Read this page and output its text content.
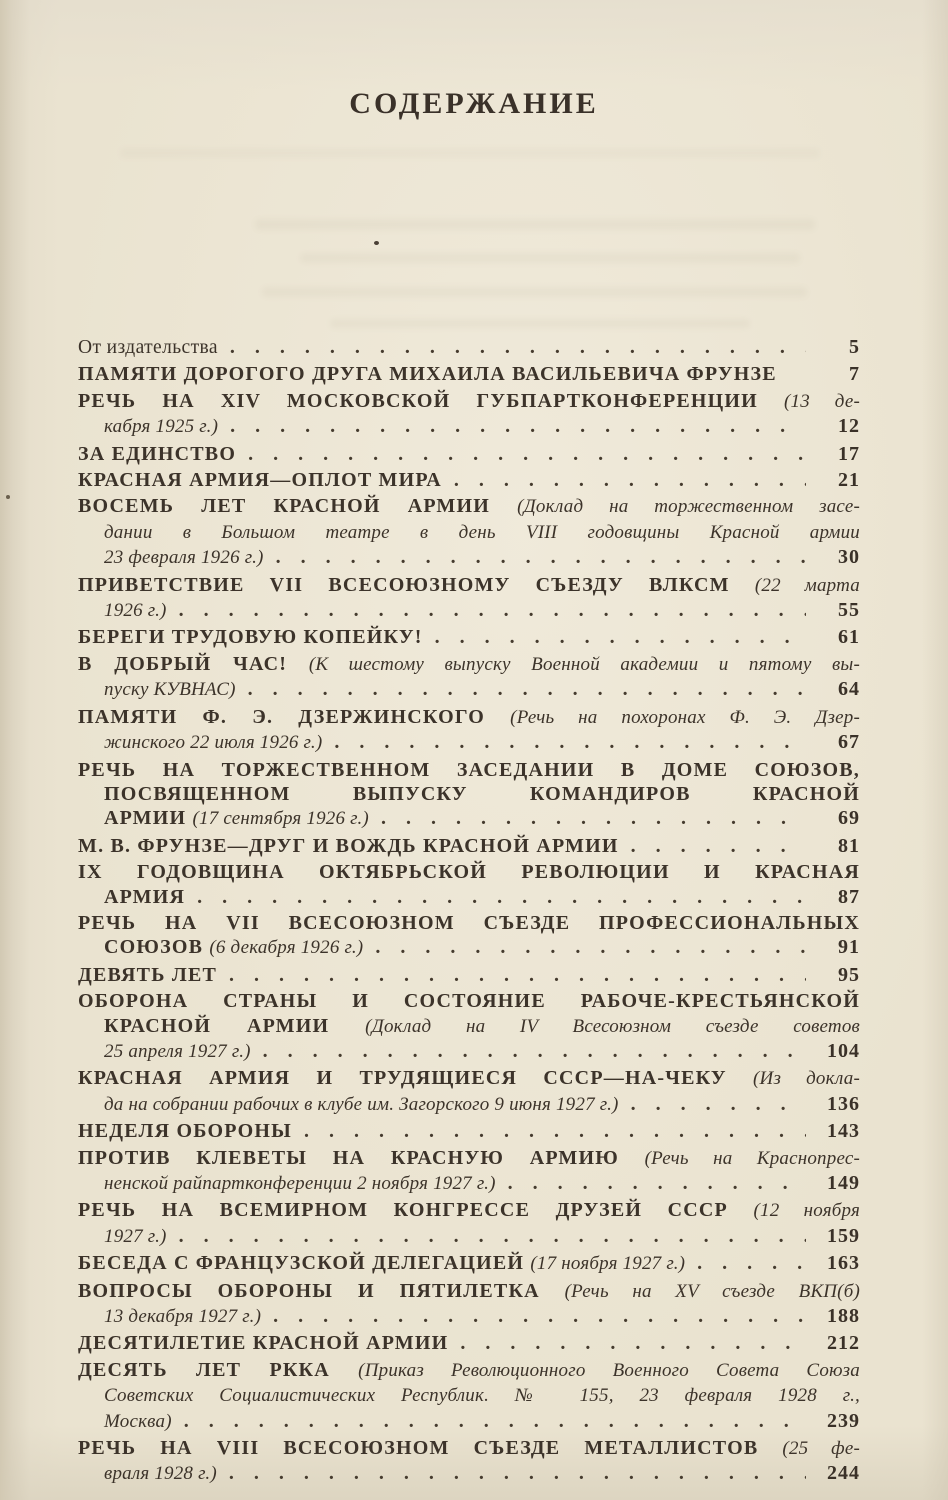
СОДЕРЖАНИЕ
От издательства . . .	5
ПАМЯТИ ДОРОГОГО ДРУГА МИХАИЛА ВАСИЛЬЕВИЧА ФРУНЗЕ	7
РЕЧЬ НА XIV МОСКОВСКОЙ ГУБПАРТКОНФЕРЕНЦИИ (13 де-
кабря 1925 г.) . . .	12
ЗА ЕДИНСТВО . . .	17
КРАСНАЯ АРМИЯ—ОПЛОТ МИРА . . .	21
ВОСЕМЬ ЛЕТ КРАСНОЙ АРМИИ (Доклад на торжественном засе-
дании в Большом театре в день VIII годовщины Красной армии
23 февраля 1926 г.) . . .	30
ПРИВЕТСТВИЕ VII ВСЕСОЮЗНОМУ СЪЕЗДУ ВЛКСМ (22 марта
1926 г.) . . .	55
БЕРЕГИ ТРУДОВУЮ КОПЕЙКУ! . . .	61
В ДОБРЫЙ ЧАС! (К шестому выпуску Военной академии и пятому вы-
пуску КУВНАС) . . .	64
ПАМЯТИ Ф. Э. ДЗЕРЖИНСКОГО (Речь на похоронах Ф. Э. Дзер-
жинского 22 июля 1926 г.) . . .	67
РЕЧЬ НА ТОРЖЕСТВЕННОМ ЗАСЕДАНИИ В ДОМЕ СОЮЗОВ,
ПОСВЯЩЕННОМ ВЫПУСКУ КОМАНДИРОВ КРАСНОЙ
АРМИИ (17 сентября 1926 г.) . . .	69
М. В. ФРУНЗЕ—ДРУГ И ВОЖДЬ КРАСНОЙ АРМИИ . . .	81
IX ГОДОВЩИНА ОКТЯБРЬСКОЙ РЕВОЛЮЦИИ И КРАСНАЯ
АРМИЯ . . .	87
РЕЧЬ НА VII ВСЕСОЮЗНОМ СЪЕЗДЕ ПРОФЕССИОНАЛЬНЫХ
СОЮЗОВ (6 декабря 1926 г.) . . .	91
ДЕВЯТЬ ЛЕТ . . .	95
ОБОРОНА СТРАНЫ И СОСТОЯНИЕ РАБОЧЕ-КРЕСТЬЯНСКОЙ
КРАСНОЙ АРМИИ (Доклад на IV Всесоюзном съезде советов
25 апреля 1927 г.) . . .	104
КРАСНАЯ АРМИЯ И ТРУДЯЩИЕСЯ СССР—НА-ЧЕКУ (Из докла-
да на собрании рабочих в клубе им. Загорского 9 июня 1927 г.) . . .	136
НЕДЕЛЯ ОБОРОНЫ . . .	143
ПРОТИВ КЛЕВЕТЫ НА КРАСНУЮ АРМИЮ (Речь на Краснопрес-
ненской райпартконференции 2 ноября 1927 г.) . . .	149
РЕЧЬ НА ВСЕМИРНОМ КОНГРЕССЕ ДРУЗЕЙ СССР (12 ноября
1927 г.) . . .	159
БЕСЕДА С ФРАНЦУЗСКОЙ ДЕЛЕГАЦИЕЙ (17 ноября 1927 г.) . . .	163
ВОПРОСЫ ОБОРОНЫ И ПЯТИЛЕТКА (Речь на XV съезде ВКП(б)
13 декабря 1927 г.) . . .	188
ДЕСЯТИЛЕТИЕ КРАСНОЙ АРМИИ . . .	212
ДЕСЯТЬ ЛЕТ РККА (Приказ Революционного Военного Совета Союза
Советских Социалистических Республик. № 155, 23 февраля 1928 г.,
Москва) . . .	239
РЕЧЬ НА VIII ВСЕСОЮЗНОМ СЪЕЗДЕ МЕТАЛЛИСТОВ (25 фе-
враля 1928 г.) . . .	244
